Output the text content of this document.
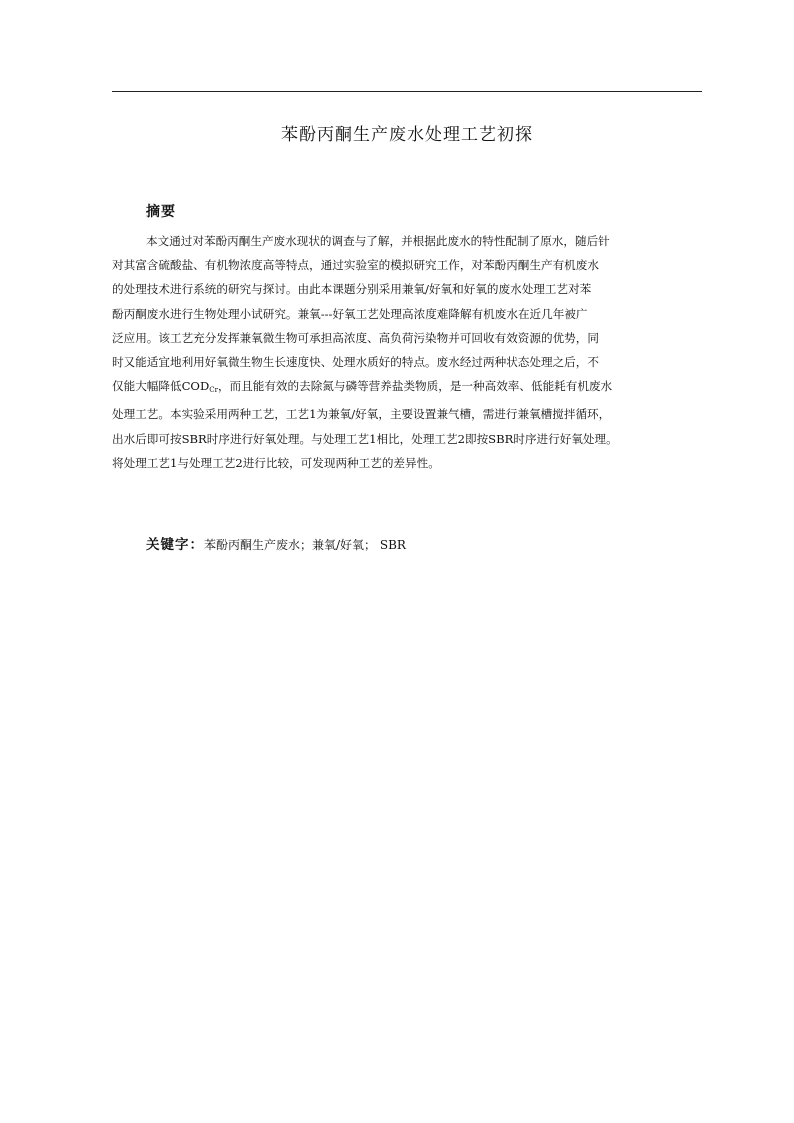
苯酚丙酮生产废水处理工艺初探
摘要
本文通过对苯酚丙酮生产废水现状的调查与了解，并根据此废水的特性配制了原水，随后针
对其富含硫酸盐、有机物浓度高等特点，通过实验室的模拟研究工作，对苯酚丙酮生产有机废水
的处理技术进行系统的研究与探讨。由此本课题分别采用兼氧/好氧和好氧的废水处理工艺对苯
酚丙酮废水进行生物处理小试研究。兼氧---好氧工艺处理高浓度难降解有机废水在近几年被广
泛应用。该工艺充分发挥兼氧微生物可承担高浓度、高负荷污染物并可回收有效资源的优势，同
时又能适宜地利用好氧微生物生长速度快、处理水质好的特点。废水经过两种状态处理之后，不
仅能大幅降低$COD_{Cr}$，而且能有效的去除氮与磷等营养盐类物质，是一种高效率、低能耗有机废水
处理工艺。本实验采用两种工艺，工艺1为兼氧/好氧，主要设置兼气槽，需进行兼氧槽搅拌循环，
出水后即可按SBR时序进行好氧处理。与处理工艺1相比，处理工艺2即按SBR时序进行好氧处理。
将处理工艺1与处理工艺2进行比较，可发现两种工艺的差异性。
关键字：苯酚丙酮生产废水；兼氧/好氧； SBR
